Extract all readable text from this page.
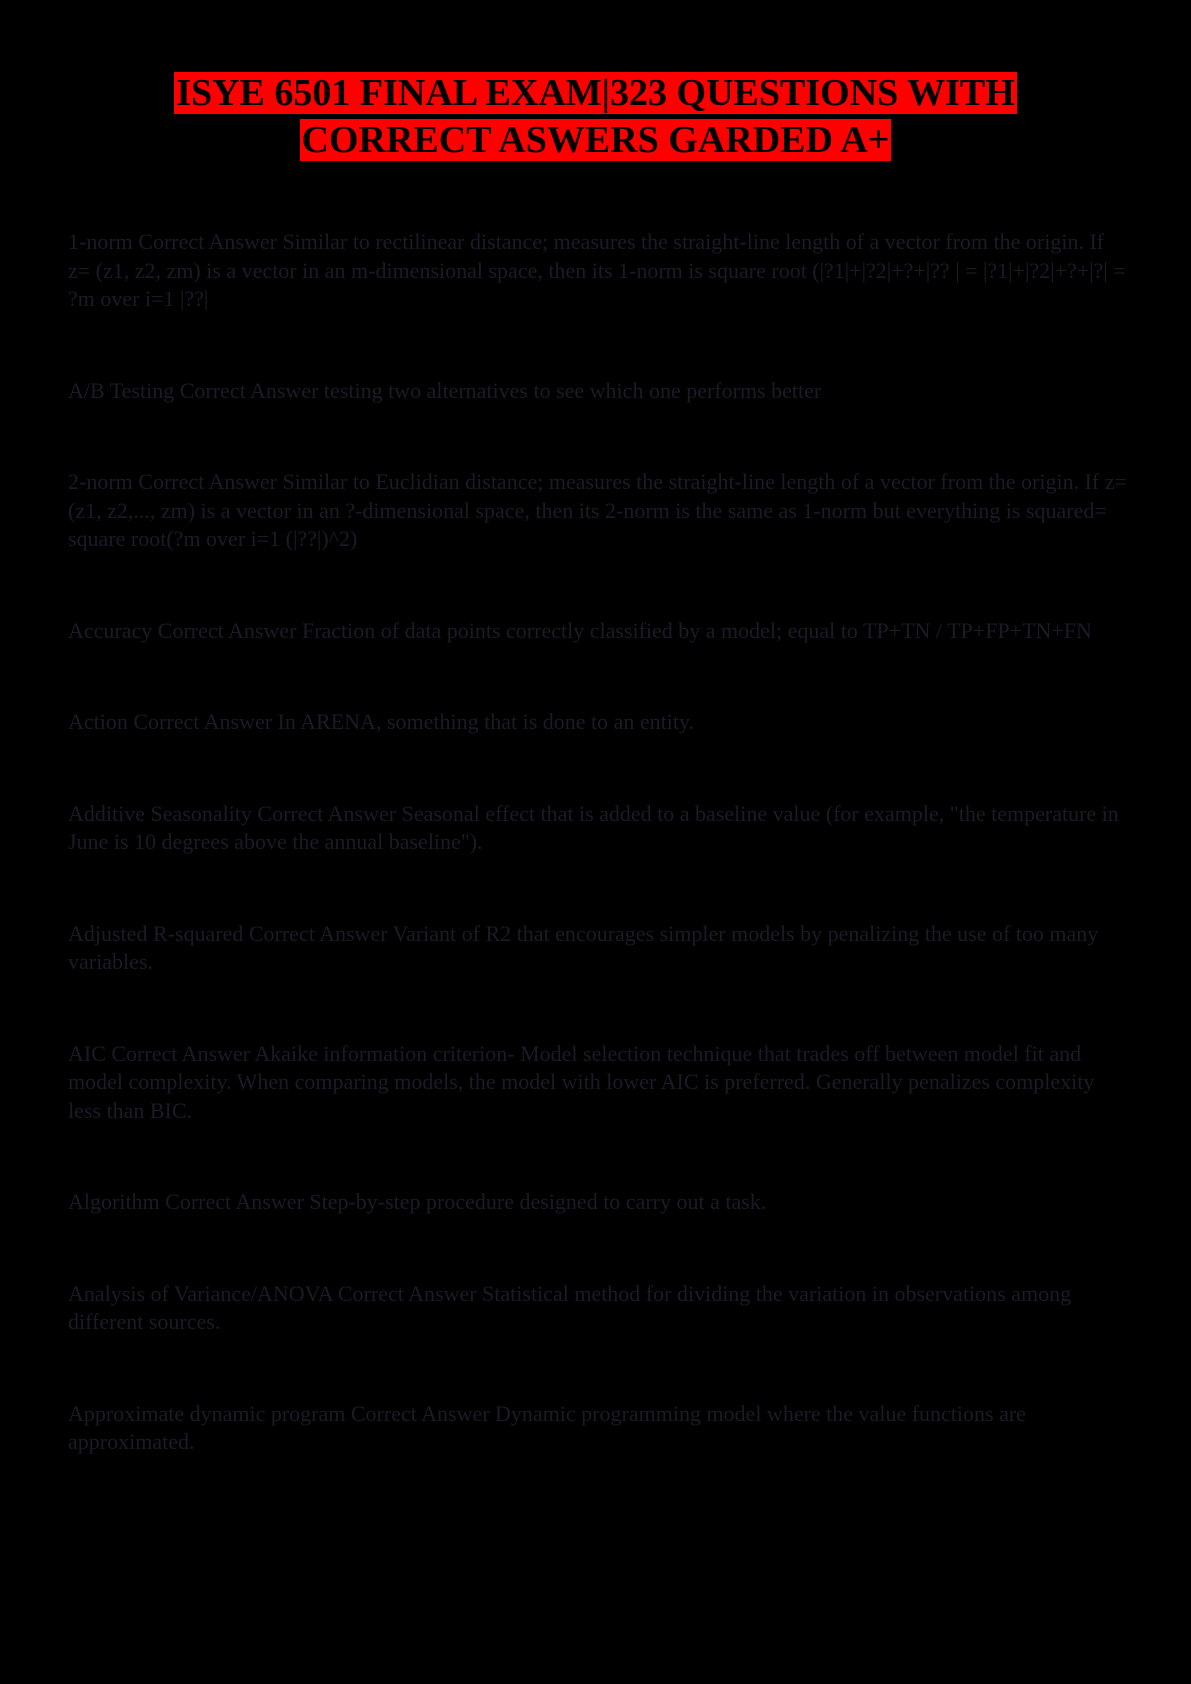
ISYE 6501 FINAL EXAM|323 QUESTIONS WITH
CORRECT ASWERS GARDED A+

1-norm Correct Answer Similar to rectilinear distance; measures the straight-line length of a vector from the origin. If z= (z1, z2, zm) is a vector in an m-dimensional space, then its 1-norm is square root (|?1|+|?2|+?+|?? | = |?1|+|?2|+?+|?| = ?m over i=1 |??|

A/B Testing Correct Answer testing two alternatives to see which one performs better

2-norm Correct Answer Similar to Euclidian distance; measures the straight-line length of a vector from the origin. If z= (z1, z2,..., zm) is a vector in an ?-dimensional space, then its 2-norm is the same as 1-norm but everything is squared= square root(?m over i=1 (|??|)^2)

Accuracy Correct Answer Fraction of data points correctly classified by a model; equal to TP+TN / TP+FP+TN+FN

Action Correct Answer In ARENA, something that is done to an entity.

Additive Seasonality Correct Answer Seasonal effect that is added to a baseline value (for example, "the temperature in June is 10 degrees above the annual baseline").

Adjusted R-squared Correct Answer Variant of R2 that encourages simpler models by penalizing the use of too many variables.

AIC Correct Answer Akaike information criterion- Model selection technique that trades off between model fit and model complexity. When comparing models, the model with lower AIC is preferred. Generally penalizes complexity less than BIC.

Algorithm Correct Answer Step-by-step procedure designed to carry out a task.

Analysis of Variance/ANOVA Correct Answer Statistical method for dividing the variation in observations among different sources.

Approximate dynamic program Correct Answer Dynamic programming model where the value functions are approximated.
